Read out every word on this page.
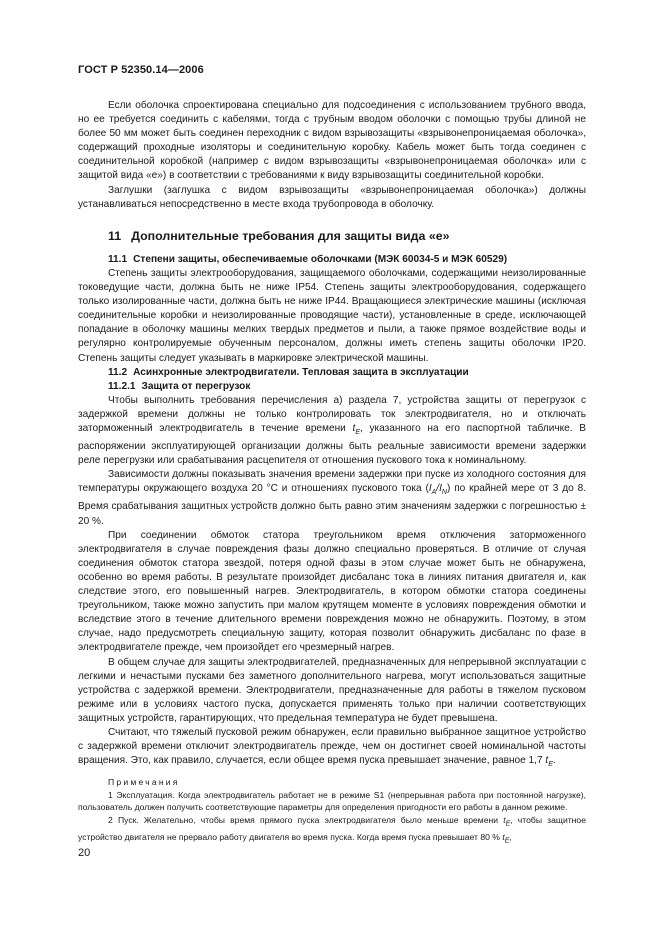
ГОСТ Р 52350.14—2006

Если оболочка спроектирована специально для подсоединения с использованием трубного ввода, но ее требуется соединить с кабелями, тогда с трубным вводом оболочки с помощью трубы длиной не более 50 мм может быть соединен переходник с видом взрывозащиты «взрывонепроницаемая оболочка», содержащий проходные изоляторы и соединительную коробку. Кабель может быть тогда соединен с соединительной коробкой (например с видом взрывозащиты «взрывонепроницаемая оболочка» или с защитой вида «е») в соответствии с требованиями к виду взрывозащиты соединительной коробки.

Заглушки (заглушка с видом взрывозащиты «взрывонепроницаемая оболочка») должны устанавливаться непосредственно в месте входа трубопровода в оболочку.

11 Дополнительные требования для защиты вида «е»
11.1 Степени защиты, обеспечиваемые оболочками (МЭК 60034-5 и МЭК 60529)

Степень защиты электрооборудования, защищаемого оболочками, содержащими неизолированные токоведущие части, должна быть не ниже IP54. Степень защиты электрооборудования, содержащего только изолированные части, должна быть не ниже IP44. Вращающиеся электрические машины (исключая соединительные коробки и неизолированные проводящие части), установленные в среде, исключающей попадание в оболочку машины мелких твердых предметов и пыли, а также прямое воздействие воды и регулярно контролируемые обученным персоналом, должны иметь степень защиты оболочки IP20. Степень защиты следует указывать в маркировке электрической машины.

11.2 Асинхронные электродвигатели. Тепловая защита в эксплуатации
11.2.1 Защита от перегрузок

Чтобы выполнить требования перечисления а) раздела 7, устройства защиты от перегрузок с задержкой времени должны не только контролировать ток электродвигателя, но и отключать заторможенный электродвигатель в течение времени $t_E$, указанного на его паспортной табличке. В распоряжении эксплуатирующей организации должны быть реальные зависимости времени задержки реле перегрузки или срабатывания расцепителя от отношения пускового тока к номинальному.

Зависимости должны показывать значения времени задержки при пуске из холодного состояния для температуры окружающего воздуха 20 °С и отношениях пускового тока $(I_A/I_N)$ по крайней мере от 3 до 8. Время срабатывания защитных устройств должно быть равно этим значениям задержки с погрешностью ± 20 %.

При соединении обмоток статора треугольником время отключения заторможенного электродвигателя в случае повреждения фазы должно специально проверяться. В отличие от случая соединения обмоток статора звездой, потеря одной фазы в этом случае может быть не обнаружена, особенно во время работы. В результате произойдет дисбаланс тока в линиях питания двигателя и, как следствие этого, его повышенный нагрев. Электродвигатель, в котором обмотки статора соединены треугольником, также можно запустить при малом крутящем моменте в условиях повреждения обмотки и вследствие этого в течение длительного времени повреждения можно не обнаружить. Поэтому, в этом случае, надо предусмотреть специальную защиту, которая позволит обнаружить дисбаланс по фазе в электродвигателе прежде, чем произойдет его чрезмерный нагрев.

В общем случае для защиты электродвигателей, предназначенных для непрерывной эксплуатации с легкими и нечастыми пусками без заметного дополнительного нагрева, могут использоваться защитные устройства с задержкой времени. Электродвигатели, предназначенные для работы в тяжелом пусковом режиме или в условиях частого пуска, допускается применять только при наличии соответствующих защитных устройств, гарантирующих, что предельная температура не будет превышена.

Считают, что тяжелый пусковой режим обнаружен, если правильно выбранное защитное устройство с задержкой времени отключит электродвигатель прежде, чем он достигнет своей номинальной частоты вращения. Это, как правило, случается, если общее время пуска превышает значение, равное 1,7 $t_E$.

Примечания

1 Эксплуатация. Когда электродвигатель работает не в режиме S1 (непрерывная работа при постоянной нагрузке), пользователь должен получить соответствующие параметры для определения пригодности его работы в данном режиме.

2 Пуск. Желательно, чтобы время прямого пуска электродвигателя было меньше времени $t_E$, чтобы защитное устройство двигателя не прервало работу двигателя во время пуска. Когда время пуска превышает 80 % $t_E$,

20
